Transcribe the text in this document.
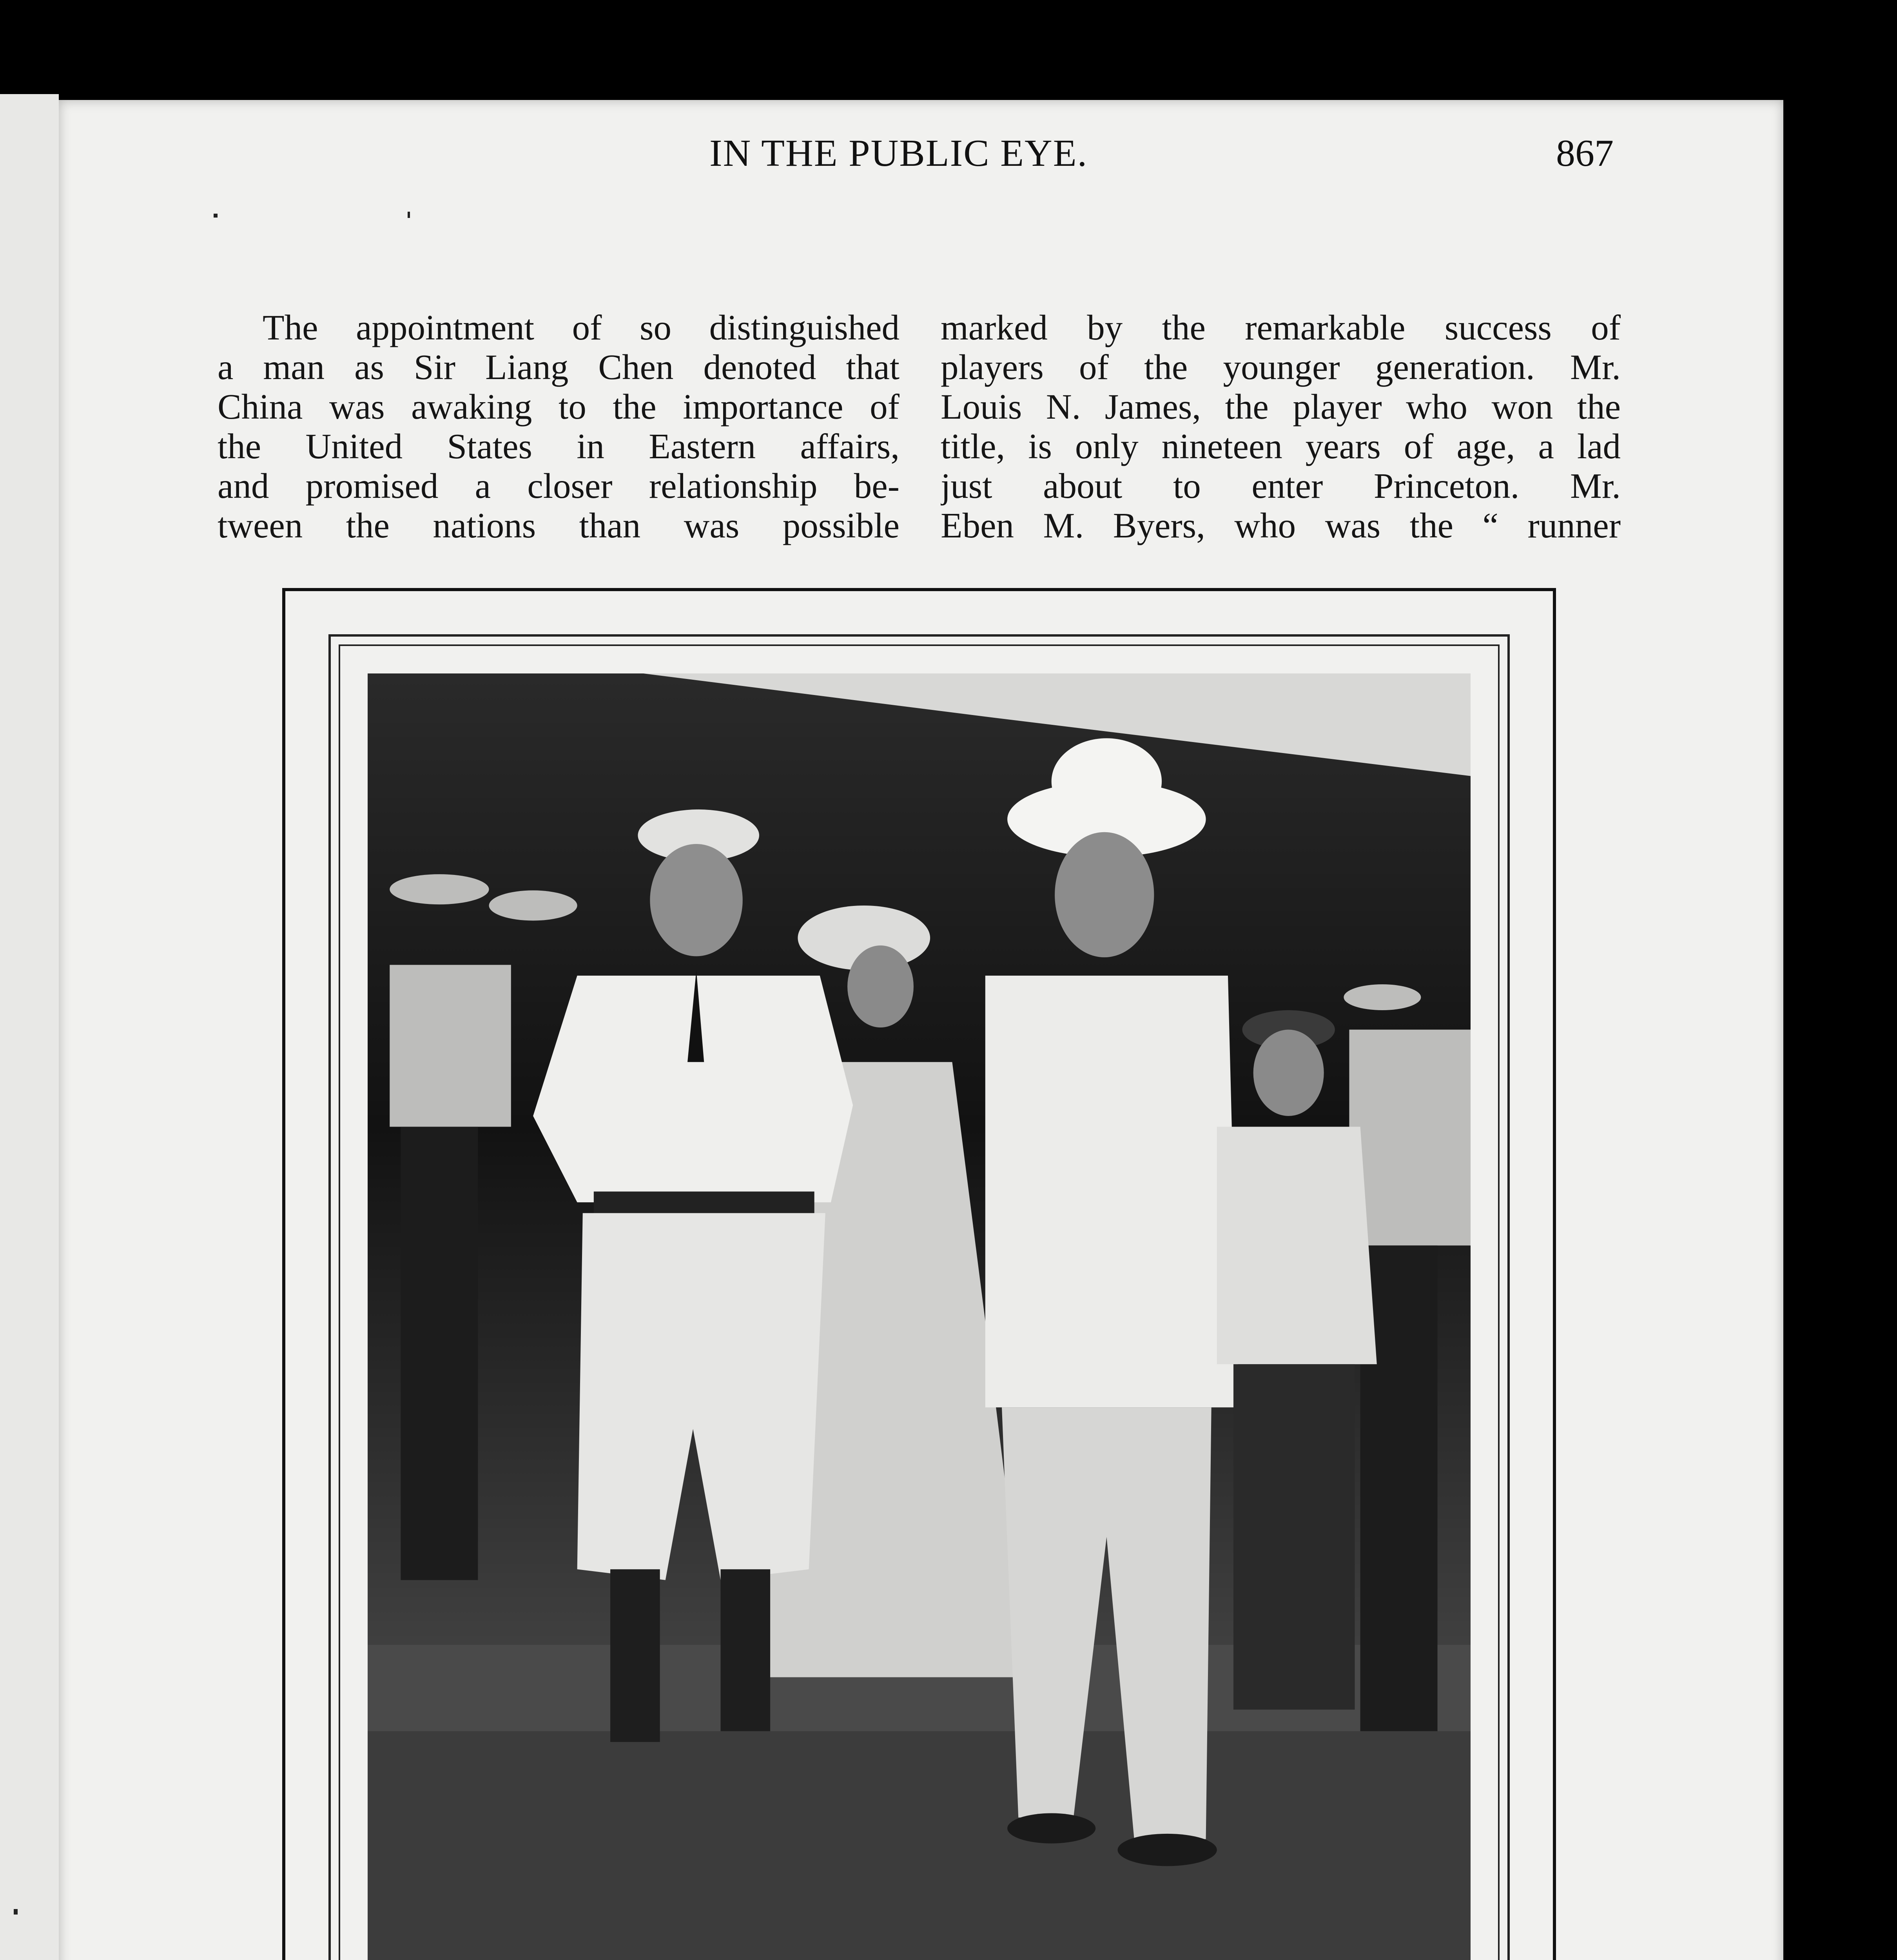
IN THE PUBLIC EYE.	867
The appointment of so distinguished
a man as Sir Liang Chen denoted that
China was awaking to the importance of
the United States in Eastern affairs,
and promised a closer relationship be-
tween the nations than was possible
marked by the remarkable success of
players of the younger generation. Mr.
Louis N. James, the player who won the
title, is only nineteen years of age, a lad
just about to enter Princeton. Mr.
Eben M. Byers, who was the “ runner
